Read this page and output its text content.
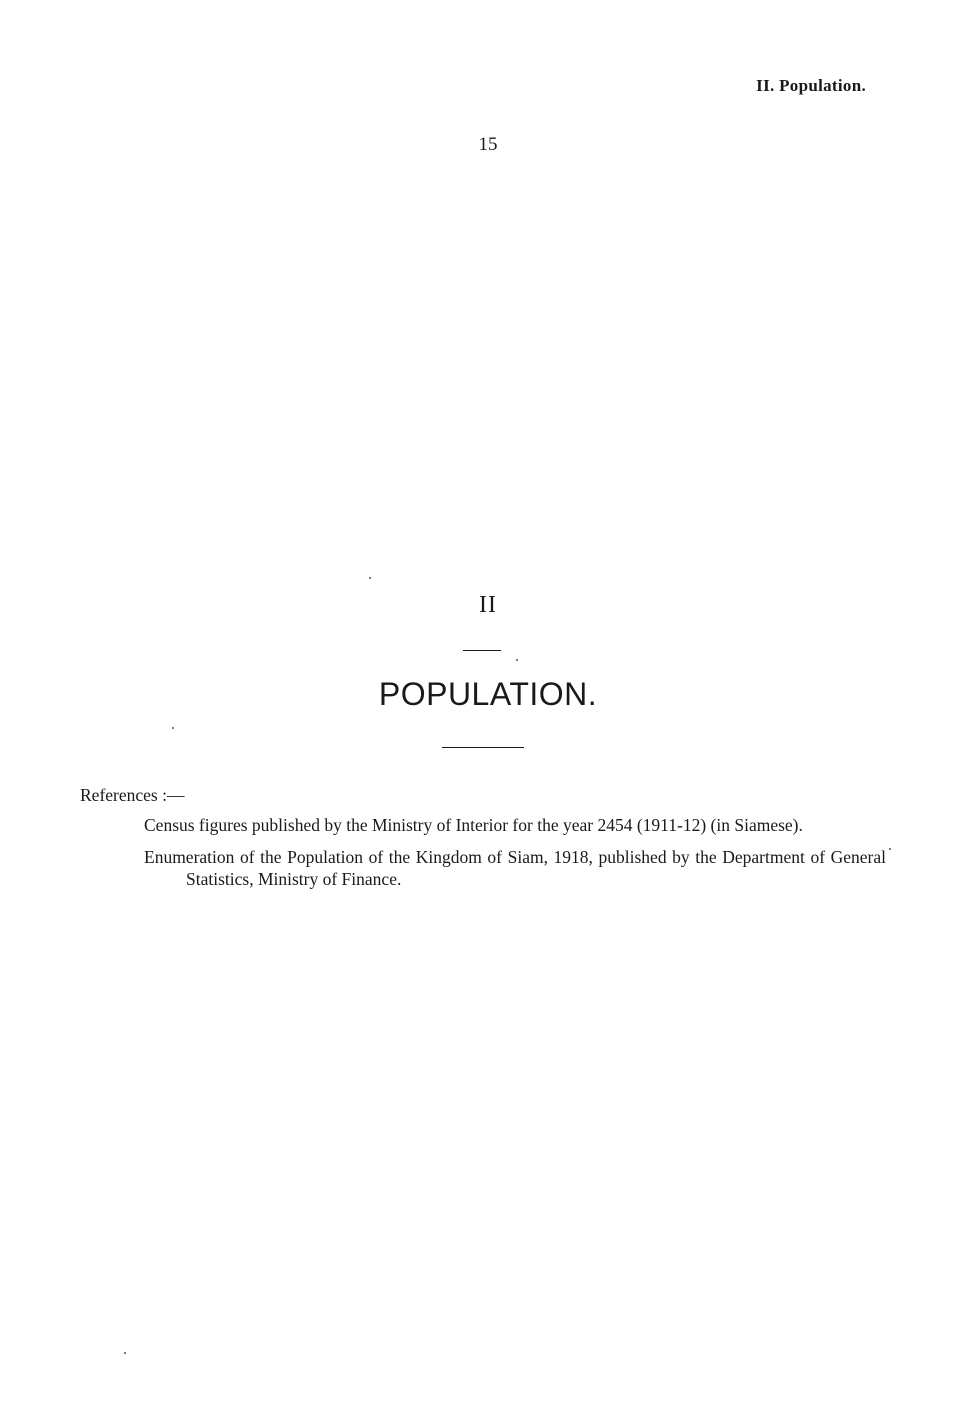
II. Population.
15
II
POPULATION.

References :—

Census figures published by the Ministry of Interior for the year 2454 (1911-12) (in Siamese).
Enumeration of the Population of the Kingdom of Siam, 1918, published by the Department of General Statistics, Ministry of Finance.
